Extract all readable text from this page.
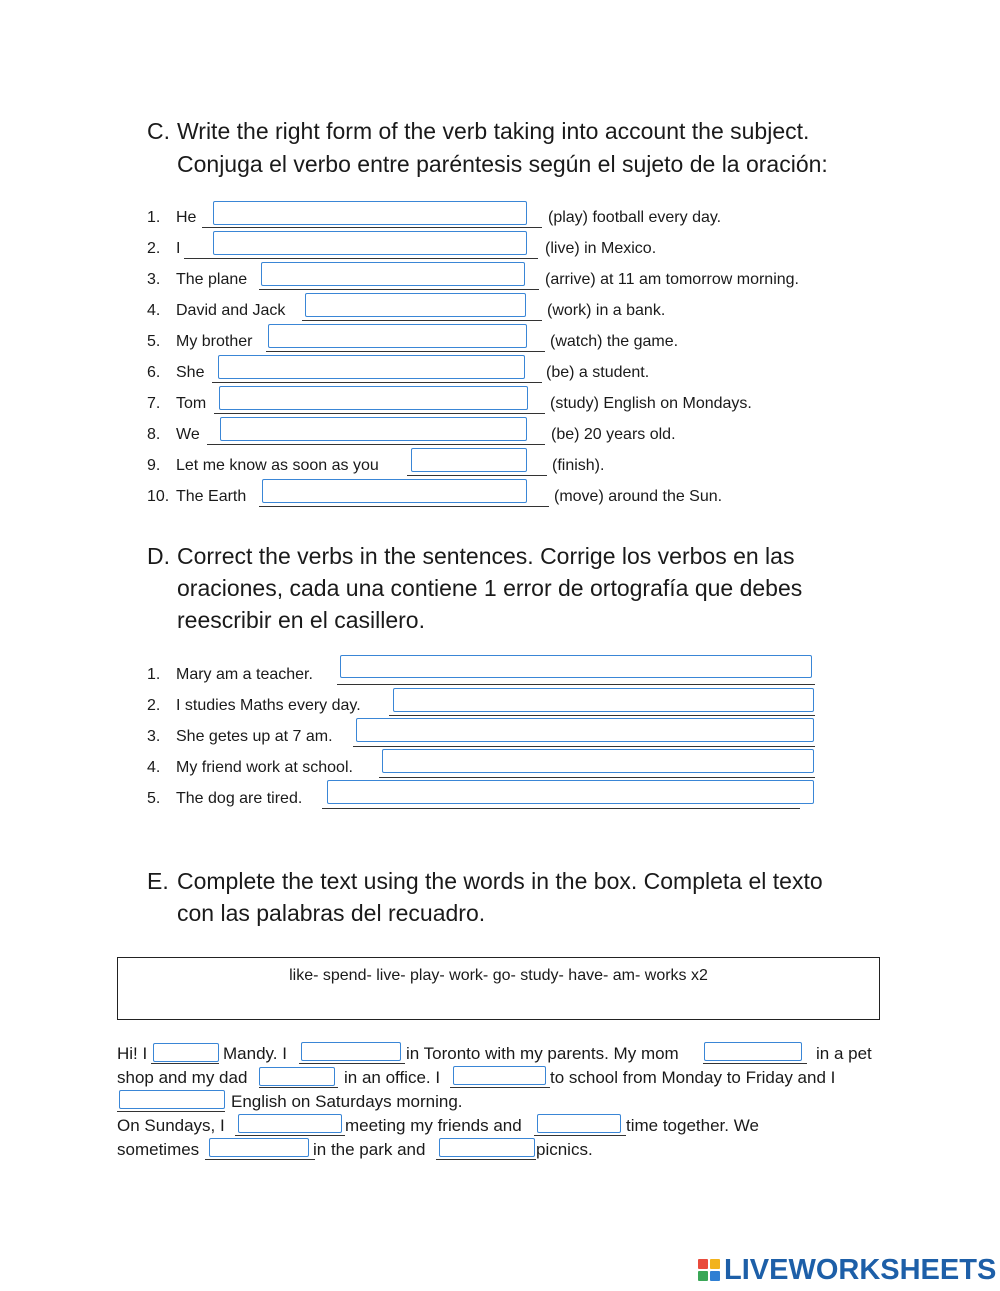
C. Write the right form of the verb taking into account the subject.
Conjuga el verbo entre paréntesis según el sujeto de la oración:
1. He	(play) football every day.
2. I	(live) in Mexico.
3. The plane	(arrive) at 11 am tomorrow morning.
4. David and Jack	(work) in a bank.
5. My brother	(watch) the game.
6. She	(be) a student.
7. Tom	(study) English on Mondays.
8. We	(be) 20 years old.
9. Let me know as soon as you	(finish).
10. The Earth	(move) around the Sun.
D. Correct the verbs in the sentences. Corrige los verbos en las
oraciones, cada una contiene 1 error de ortografía que debes
reescribir en el casillero.
1. Mary am a teacher.
2. I studies Maths every day.
3. She getes up at 7 am.
4. My friend work at school.
5. The dog are tired.
E. Complete the text using the words in the box. Completa el texto
con las palabras del recuadro.
like- spend- live- play- work- go- study- have- am- works x2
Hi! I	Mandy. I	in Toronto with my parents. My mom	in a pet
shop and my dad	in an office. I	to school from Monday to Friday and I
English on Saturdays morning.
On Sundays, I	meeting my friends and	time together. We
sometimes	in the park and	picnics.
LIVEWORKSHEETS
